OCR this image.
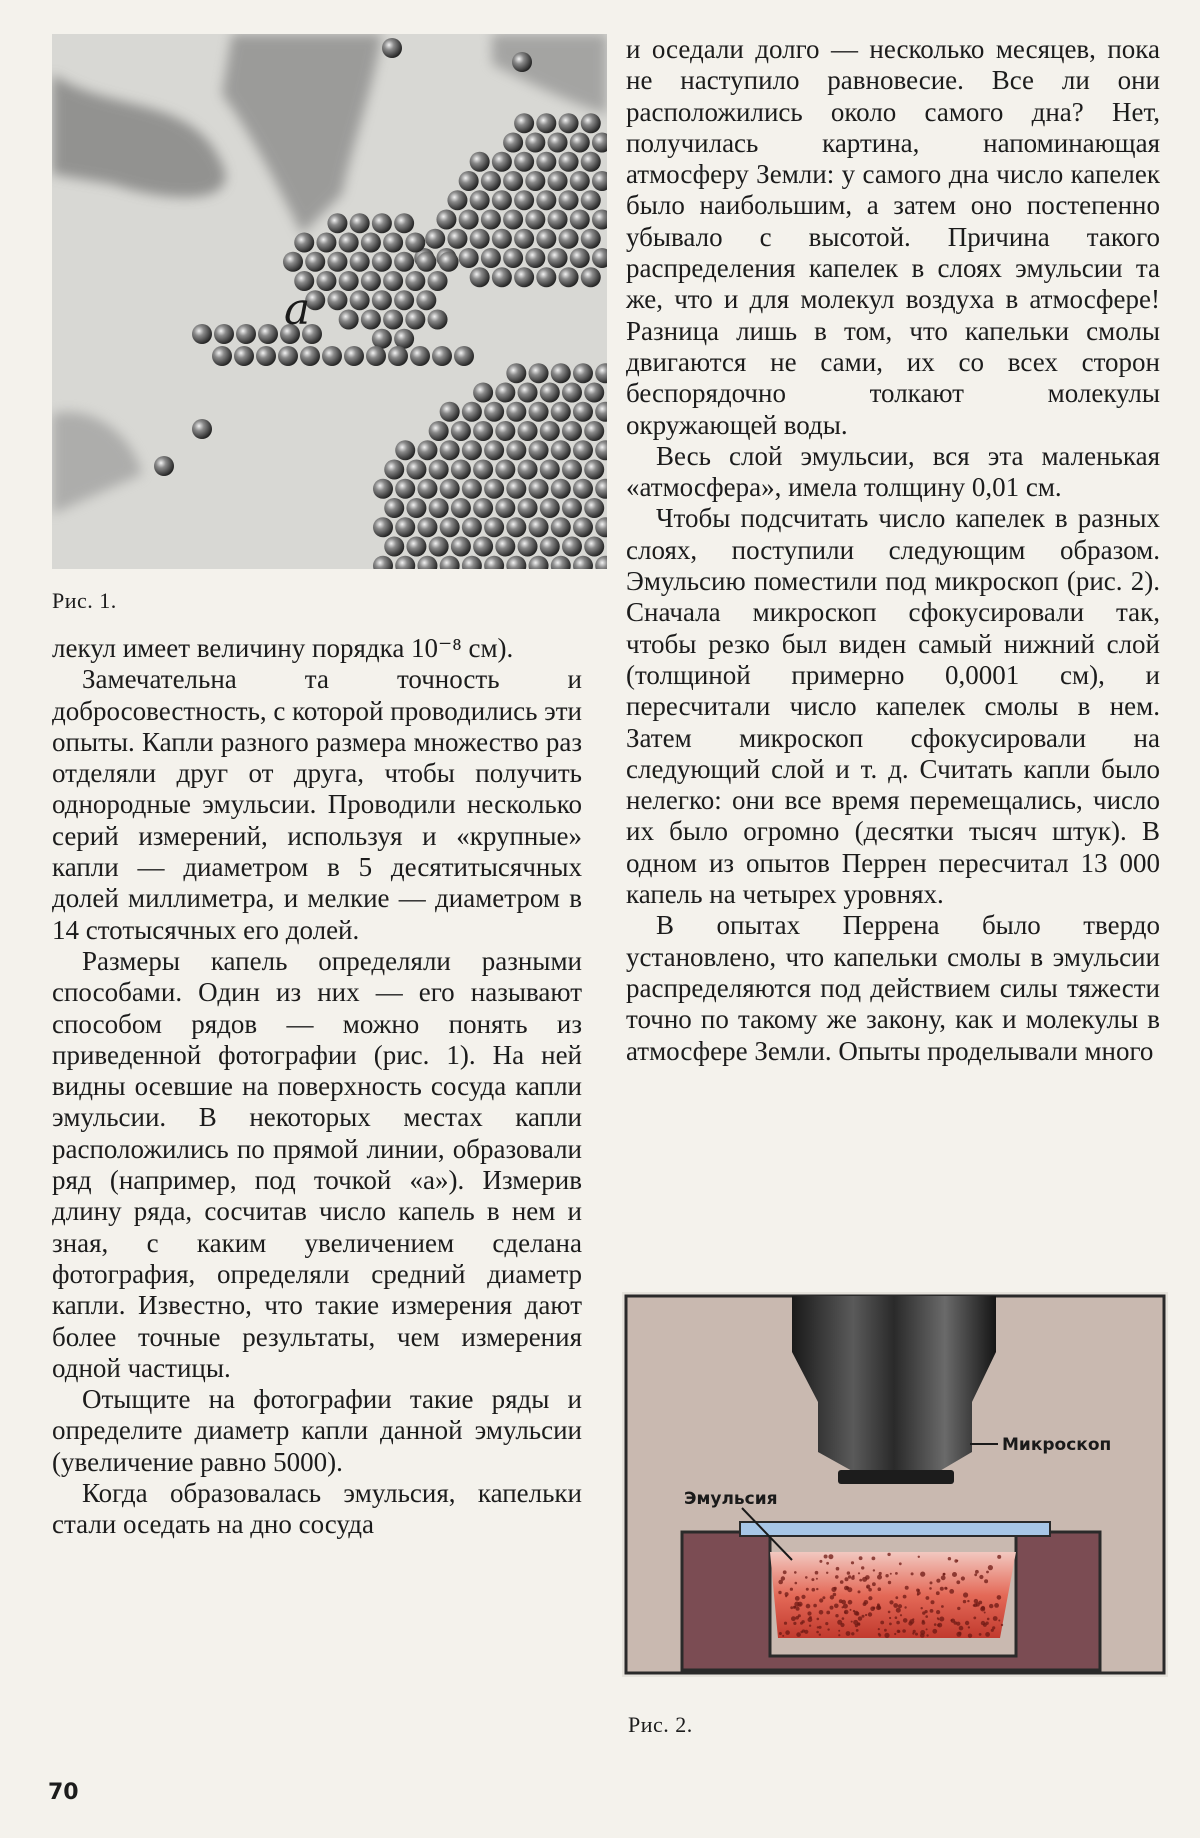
a
Рис. 1.

лекул имеет величину порядка 10⁻⁸ см).

Замечательна та точность и добросовестность, с которой проводились эти опыты. Капли разного размера множество раз отделяли друг от друга, чтобы получить однородные эмульсии. Проводили несколько серий измерений, используя и «крупные» капли — диаметром в 5 десятитысячных долей миллиметра, и мелкие — диаметром в 14 стотысячных его долей.

Размеры капель определяли разными способами. Один из них — его называют способом рядов — можно понять из приведенной фотографии (рис. 1). На ней видны осевшие на поверхность сосуда капли эмульсии. В некоторых местах капли расположились по прямой линии, образовали ряд (например, под точкой «а»). Измерив длину ряда, сосчитав число капель в нем и зная, с каким увеличением сделана фотография, определяли средний диаметр капли. Известно, что такие измерения дают более точные результаты, чем измерения одной частицы.

Отыщите на фотографии такие ряды и определите диаметр капли данной эмульсии (увеличение равно 5000).

Когда образовалась эмульсия, капельки стали оседать на дно сосуда

и оседали долго — несколько месяцев, пока не наступило равновесие. Все ли они расположились около самого дна? Нет, получилась картина, напоминающая атмосферу Земли: у самого дна число капелек было наибольшим, а затем оно постепенно убывало с высотой. Причина такого распределения капелек в слоях эмульсии та же, что и для молекул воздуха в атмосфере! Разница лишь в том, что капельки смолы двигаются не сами, их со всех сторон беспорядочно толкают молекулы окружающей воды.

Весь слой эмульсии, вся эта маленькая «атмосфера», имела толщину 0,01 см.

Чтобы подсчитать число капелек в разных слоях, поступили следующим образом. Эмульсию поместили под микроскоп (рис. 2). Сначала микроскоп сфокусировали так, чтобы резко был виден самый нижний слой (толщиной примерно 0,0001 см), и пересчитали число капелек смолы в нем. Затем микроскоп сфокусировали на следующий слой и т. д. Считать капли было нелегко: они все время перемещались, число их было огромно (десятки тысяч штук). В одном из опытов Перрен пересчитал 13 000 капель на четырех уровнях.

В опытах Перрена было твердо установлено, что капельки смолы в эмульсии распределяются под действием силы тяжести точно по такому же закону, как и молекулы в атмосфере Земли. Опыты проделывали много

Микроскоп
Эмульсия
Рис. 2.
70
